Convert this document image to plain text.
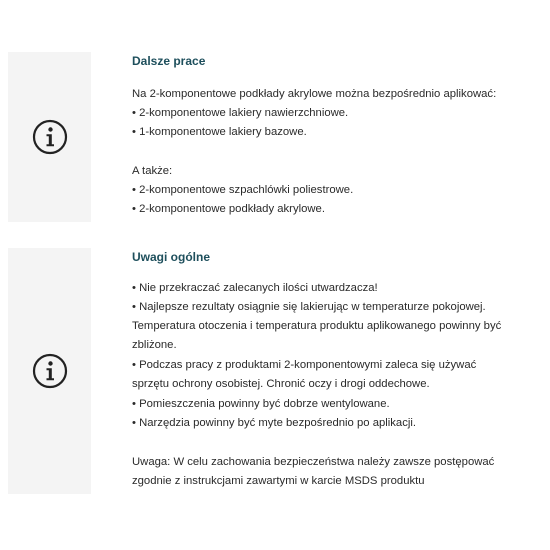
Dalsze prace
Na 2-komponentowe podkłady akrylowe można bezpośrednio aplikować:
• 2-komponentowe lakiery nawierzchniowe.
• 1-komponentowe lakiery bazowe.
A także:
• 2-komponentowe szpachlówki poliestrowe.
• 2-komponentowe podkłady akrylowe.
Uwagi ogólne
• Nie przekraczać zalecanych ilości utwardzacza!
• Najlepsze rezultaty osiągnie się lakierując w temperaturze pokojowej.
Temperatura otoczenia i temperatura produktu aplikowanego powinny być
zbliżone.
• Podczas pracy z produktami 2-komponentowymi zaleca się używać
sprzętu ochrony osobistej. Chronić oczy i drogi oddechowe.
• Pomieszczenia powinny być dobrze wentylowane.
• Narzędzia powinny być myte bezpośrednio po aplikacji.
Uwaga: W celu zachowania bezpieczeństwa należy zawsze postępować
zgodnie z instrukcjami zawartymi w karcie MSDS produktu
